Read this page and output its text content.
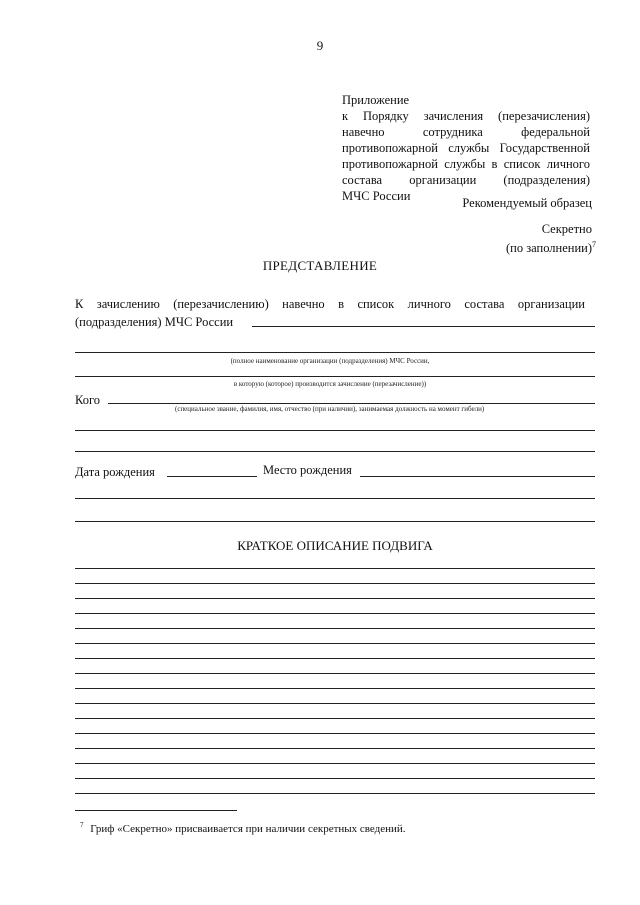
9
Приложение
к Порядку зачисления (перезачисления)
навечно сотрудника федеральной
противопожарной службы Государственной
противопожарной службы в список личного
состава организации (подразделения)
МЧС России	Рекомендуемый образец
Секретно
(по заполнении)$^7$
ПРЕДСТАВЛЕНИЕ
К зачислению (перезачислению) навечно в список личного состава организации
(подразделения) МЧС России
(полное наименование организации (подразделения) МЧС России,
в которую (которое) производится зачисление (перезачисление))
Кого
(специальное звание, фамилия, имя, отчество (при наличии), занимаемая должность на момент гибели)
Дата рождения	Место рождения
КРАТКОЕ ОПИСАНИЕ ПОДВИГА
$^7$ Гриф «Секретно» присваивается при наличии секретных сведений.
